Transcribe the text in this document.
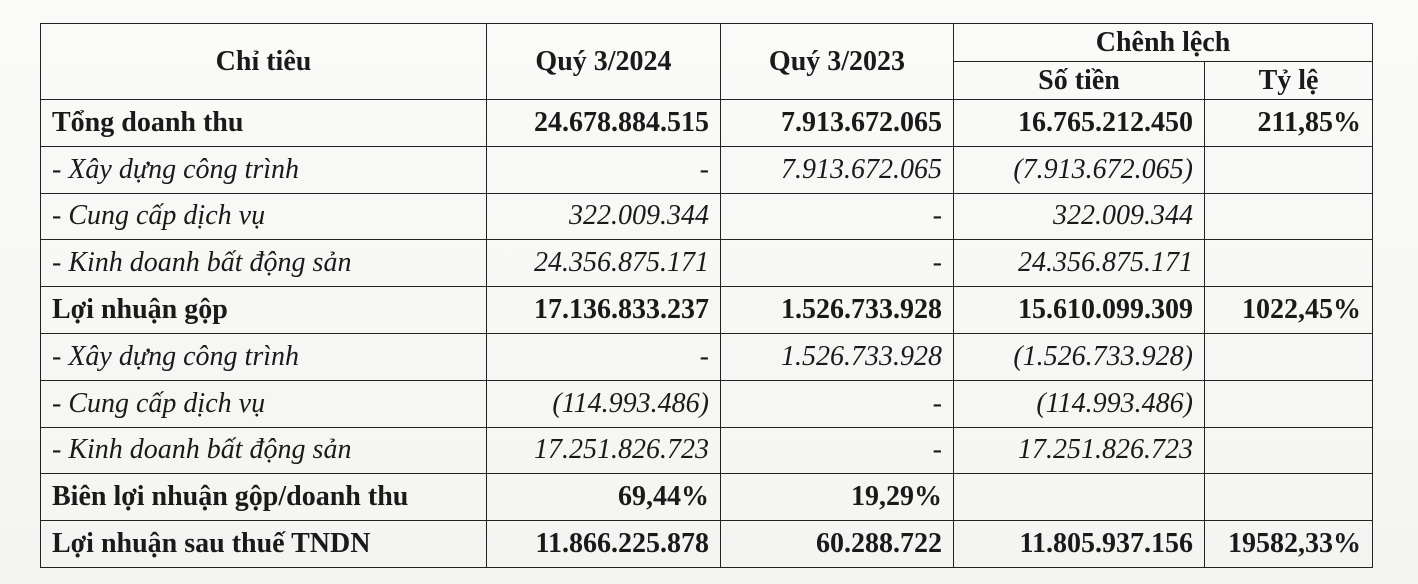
Chỉ tiêu	Quý 3/2024	Quý 3/2023	Chênh lệch	
			Số tiền	Tỷ lệ
Tổng doanh thu	24.678.884.515	7.913.672.065	16.765.212.450	211,85%
- Xây dựng công trình	-	7.913.672.065	(7.913.672.065)	
- Cung cấp dịch vụ	322.009.344	-	322.009.344	
- Kinh doanh bất động sản	24.356.875.171	-	24.356.875.171	
Lợi nhuận gộp	17.136.833.237	1.526.733.928	15.610.099.309	1022,45%
- Xây dựng công trình	-	1.526.733.928	(1.526.733.928)	
- Cung cấp dịch vụ	(114.993.486)	-	(114.993.486)	
- Kinh doanh bất động sản	17.251.826.723	-	17.251.826.723	
Biên lợi nhuận gộp/doanh thu	69,44%	19,29%		
Lợi nhuận sau thuế TNDN	11.866.225.878	60.288.722	11.805.937.156	19582,33%
